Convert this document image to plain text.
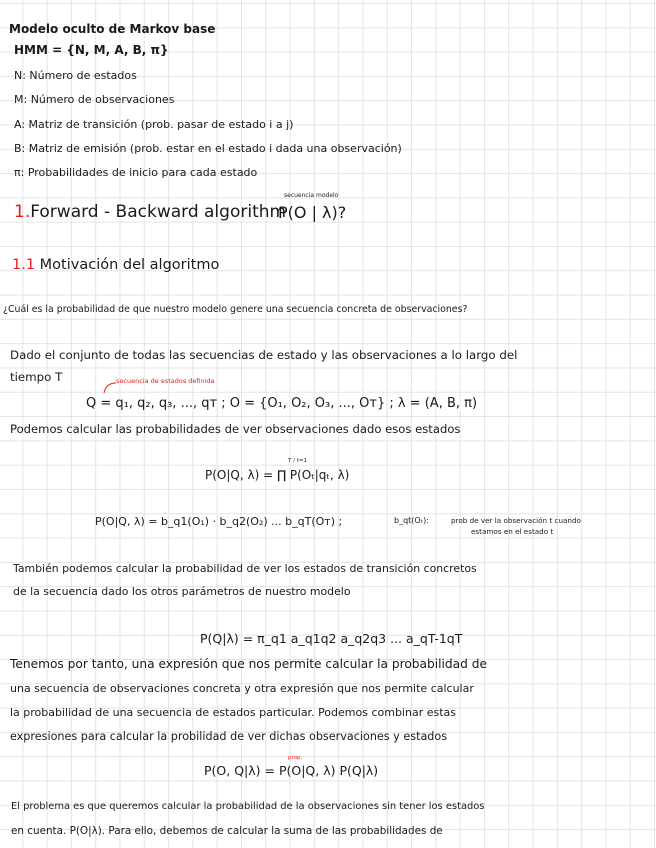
Modelo oculto de Markov base
HMM = {N, M, A, B, π}
N: Número de estados
M: Número de observaciones
A: Matriz de transición (prob. pasar de estado i a j)
B: Matriz de emisión (prob. estar en el estado i dada una observación)
π: Probabilidades de inicio para cada estado
1.Forward - Backward algorithm
secuencia modelo
P(O | λ)?
1.1 Motivación del algoritmo
¿Cuál es la probabilidad de que nuestro modelo genere una secuencia concreta de observaciones?
Dado el conjunto de todas las secuencias de estado y las observaciones a lo largo del
tiempo T	secuencia de estados definida
Q = q₁, q₂, q₃, ..., qᴛ ; O = {O₁, O₂, O₃, ..., Oᴛ} ; λ = (A, B, π)
Podemos calcular las probabilidades de ver observaciones dado esos estados
P(O|Q, λ) = ∏ P(Oₜ|qₜ, λ)
T / t=1
P(O|Q, λ) = b_q1(O₁) · b_q2(O₂) ... b_qT(Oᴛ) ;	b_qt(Oₜ):	prob de ver la observación t cuando
estamos en el estado t
También podemos calcular la probabilidad de ver los estados de transición concretos
de la secuencia dado los otros parámetros de nuestro modelo
P(Q|λ) = π_q1 a_q1q2 a_q2q3 ... a_qT-1qT
Tenemos por tanto, una expresión que nos permite calcular la probabilidad de
una secuencia de observaciones concreta y otra expresión que nos permite calcular
la probabilidad de una secuencia de estados particular. Podemos combinar estas
expresiones para calcular la probilidad de ver dichas observaciones y estados
prop.
P(O, Q|λ) = P(O|Q, λ) P(Q|λ)
El problema es que queremos calcular la probabilidad de la observaciones sin tener los estados
en cuenta. P(O|λ). Para ello, debemos de calcular la suma de las probabilidades de
